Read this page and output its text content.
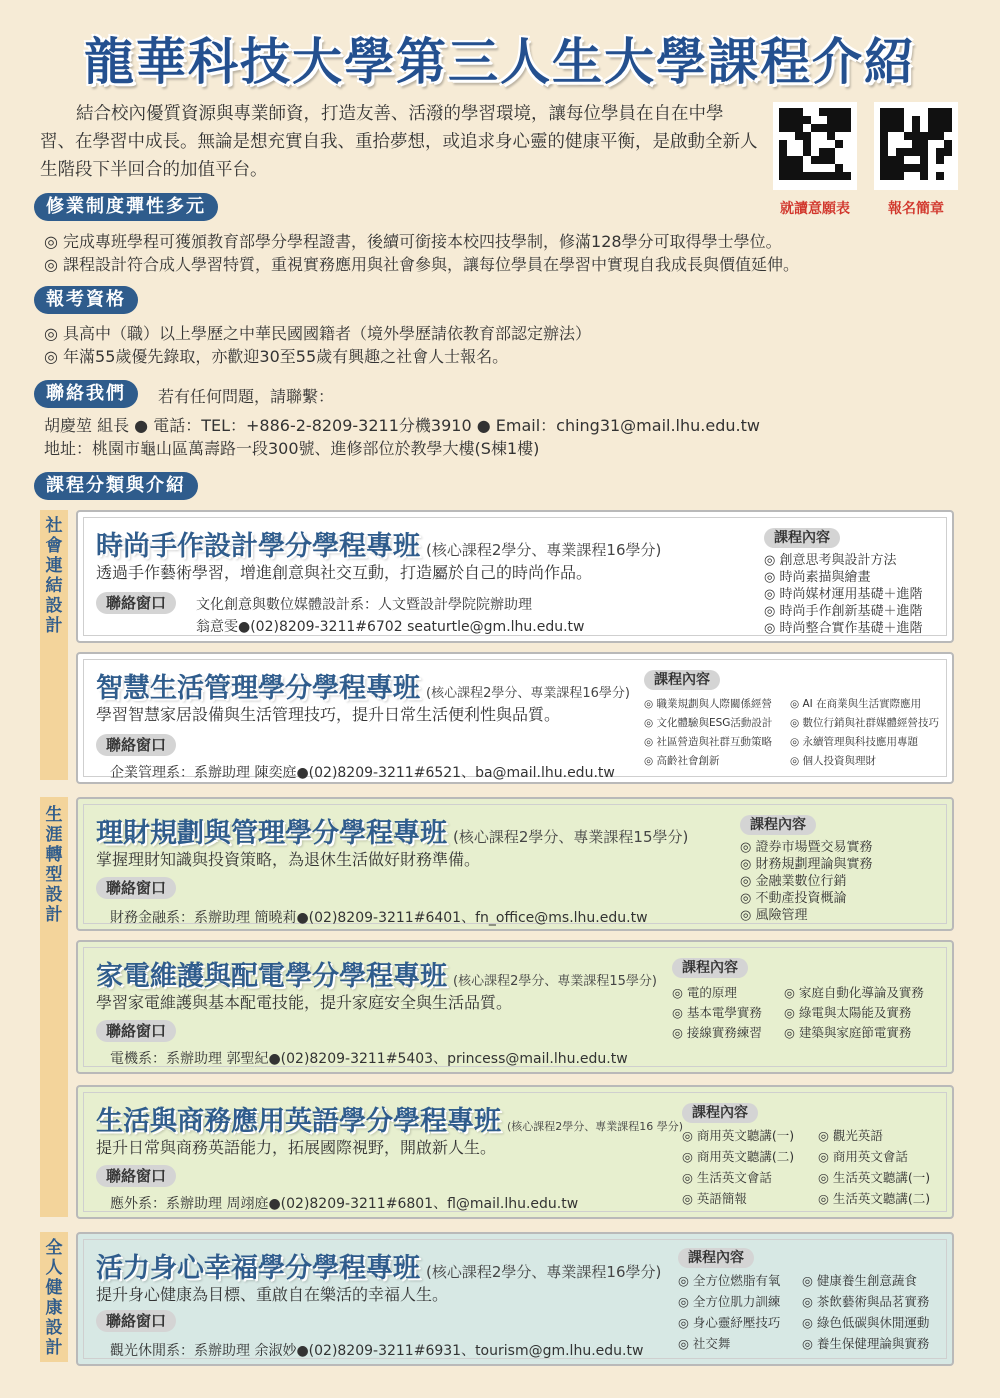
龍華科技大學第三人生大學課程介紹
結合校內優質資源與專業師資，打造友善、活潑的學習環境，讓每位學員在自在中學習、在學習中成長。無論是想充實自我、重拾夢想，或追求身心靈的健康平衡，是啟動全新人生階段下半回合的加值平台。
就讀意願表	報名簡章
修業制度彈性多元
◎ 完成專班學程可獲頒教育部學分學程證書，後續可銜接本校四技學制，修滿128學分可取得學士學位。
◎ 課程設計符合成人學習特質，重視實務應用與社會參與，讓每位學員在學習中實現自我成長與價值延伸。
報考資格
◎ 具高中（職）以上學歷之中華民國國籍者（境外學歷請依教育部認定辦法）
◎ 年滿55歲優先錄取，亦歡迎30至55歲有興趣之社會人士報名。
聯絡我們	若有任何問題，請聯繫：
胡慶堃 組長 ● 電話：TEL：+886-2-8209-3211分機3910 ● Email：ching31@mail.lhu.edu.tw
地址：桃園市龜山區萬壽路一段300號、進修部位於教學大樓(S棟1樓)
課程分類與介紹
社
會
連
結
設
計
生
涯
轉
型
設
計
全
人
健
康
設
計
時尚手作設計學分學程專班 (核心課程2學分、專業課程16學分)
透過手作藝術學習，增進創意與社交互動，打造屬於自己的時尚作品。
聯絡窗口	文化創意與數位媒體設計系：人文暨設計學院院辦助理
翁意雯●(02)8209-3211#6702 seaturtle@gm.lhu.edu.tw
課程內容
◎ 創意思考與設計方法
◎ 時尚素描與繪畫
◎ 時尚媒材運用基礎＋進階
◎ 時尚手作創新基礎＋進階
◎ 時尚整合實作基礎＋進階
智慧生活管理學分學程專班 (核心課程2學分、專業課程16學分)
學習智慧家居設備與生活管理技巧，提升日常生活便利性與品質。
聯絡窗口
企業管理系：系辦助理 陳奕庭●(02)8209-3211#6521、ba@mail.lhu.edu.tw
課程內容
◎ 職業規劃與人際關係經營
◎ 文化體驗與ESG活動設計
◎ 社區營造與社群互動策略
◎ 高齡社會創新
◎ AI 在商業與生活實際應用
◎ 數位行銷與社群媒體經營技巧
◎ 永續管理與科技應用專題
◎ 個人投資與理財
理財規劃與管理學分學程專班 (核心課程2學分、專業課程15學分)
掌握理財知識與投資策略，為退休生活做好財務準備。
聯絡窗口
財務金融系：系辦助理 簡曉莉●(02)8209-3211#6401、fn_office@ms.lhu.edu.tw
課程內容
◎ 證券市場暨交易實務
◎ 財務規劃理論與實務
◎ 金融業數位行銷
◎ 不動產投資概論
◎ 風險管理
家電維護與配電學分學程專班 (核心課程2學分、專業課程15學分)
學習家電維護與基本配電技能，提升家庭安全與生活品質。
聯絡窗口
電機系：系辦助理 郭聖紀●(02)8209-3211#5403、princess@mail.lhu.edu.tw
課程內容
◎ 電的原理
◎ 基本電學實務
◎ 接線實務練習
◎ 家庭自動化導論及實務
◎ 綠電與太陽能及實務
◎ 建築與家庭節電實務
生活與商務應用英語學分學程專班 (核心課程2學分、專業課程16 學分)
提升日常與商務英語能力，拓展國際視野，開啟新人生。
聯絡窗口
應外系：系辦助理 周翊庭●(02)8209-3211#6801、fl@mail.lhu.edu.tw
課程內容
◎ 商用英文聽講(一)
◎ 商用英文聽講(二)
◎ 生活英文會話
◎ 英語簡報
◎ 觀光英語
◎ 商用英文會話
◎ 生活英文聽講(一)
◎ 生活英文聽講(二)
活力身心幸福學分學程專班 (核心課程2學分、專業課程16學分)
提升身心健康為目標、重啟自在樂活的幸福人生。
聯絡窗口
觀光休閒系：系辦助理 余淑妙●(02)8209-3211#6931、tourism@gm.lhu.edu.tw
課程內容
◎ 全方位燃脂有氧
◎ 全方位肌力訓練
◎ 身心靈紓壓技巧
◎ 社交舞
◎ 健康養生創意蔬食
◎ 茶飲藝術與品茗實務
◎ 綠色低碳與休閒運動
◎ 養生保健理論與實務
